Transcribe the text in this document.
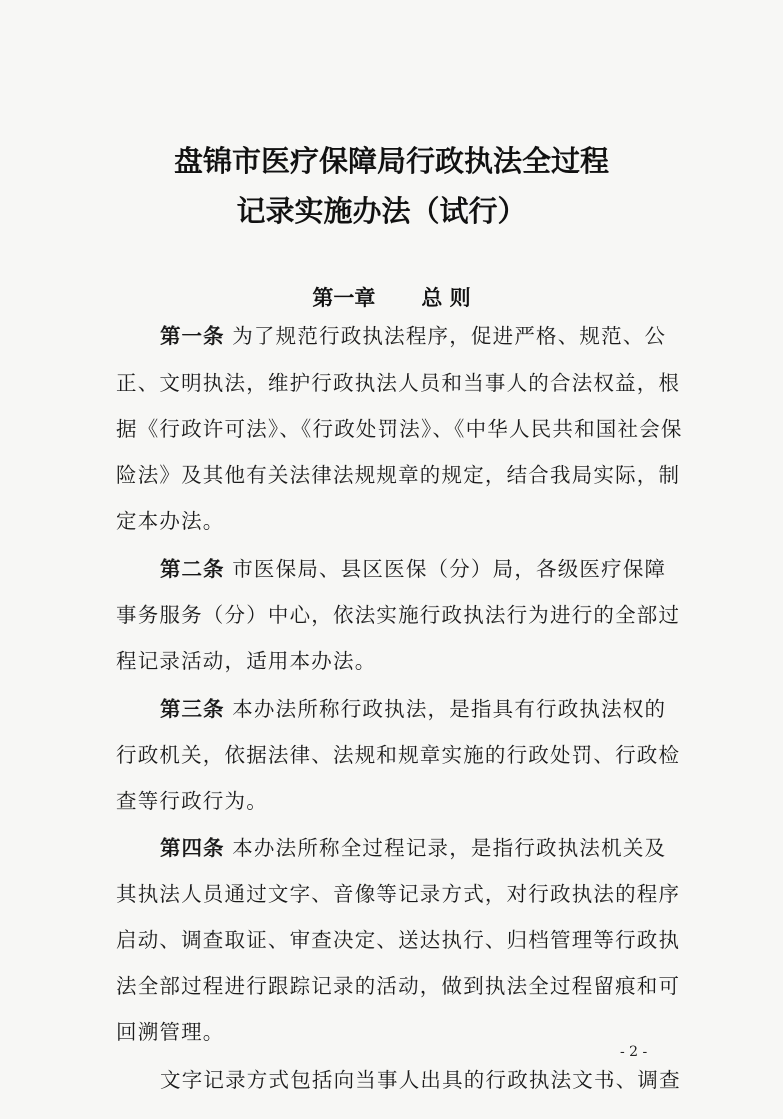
盘锦市医疗保障局行政执法全过程
记录实施办法（试行）
第一章 总 则
第一条 为了规范行政执法程序，促进严格、规范、公
正、文明执法，维护行政执法人员和当事人的合法权益，根
据《行政许可法》、《行政处罚法》、《中华人民共和国社会保
险法》及其他有关法律法规规章的规定，结合我局实际，制
定本办法。
第二条 市医保局、县区医保（分）局，各级医疗保障
事务服务（分）中心，依法实施行政执法行为进行的全部过
程记录活动，适用本办法。
第三条 本办法所称行政执法，是指具有行政执法权的
行政机关，依据法律、法规和规章实施的行政处罚、行政检
查等行政行为。
第四条 本办法所称全过程记录，是指行政执法机关及
其执法人员通过文字、音像等记录方式，对行政执法的程序
启动、调查取证、审查决定、送达执行、归档管理等行政执
法全部过程进行跟踪记录的活动，做到执法全过程留痕和可
回溯管理。
文字记录方式包括向当事人出具的行政执法文书、调查
- 2 -
